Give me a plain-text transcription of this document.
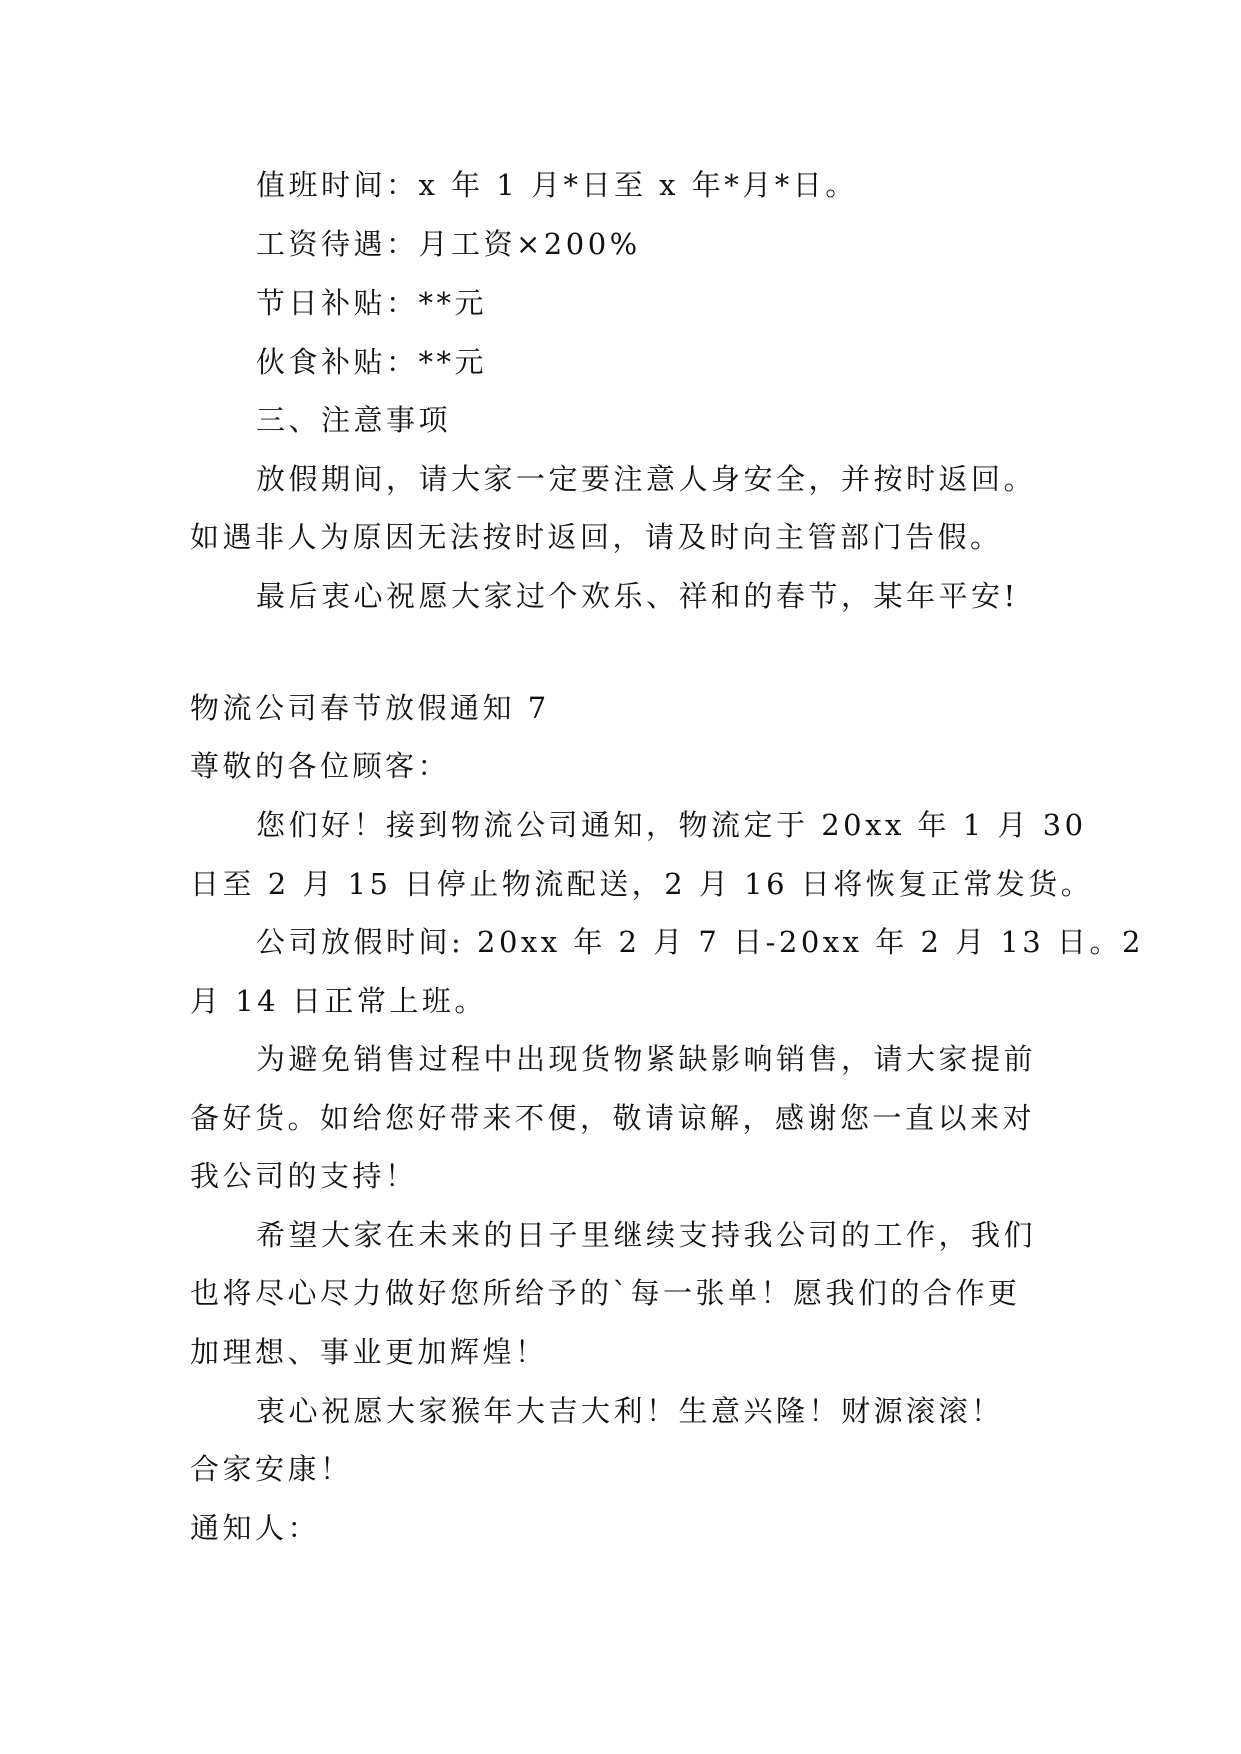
值班时间：x 年 1 月*日至 x 年*月*日。

工资待遇：月工资×200%

节日补贴：**元

伙食补贴：**元

三、注意事项

放假期间，请大家一定要注意人身安全，并按时返回。

如遇非人为原因无法按时返回，请及时向主管部门告假。

最后衷心祝愿大家过个欢乐、祥和的春节，某年平安!

物流公司春节放假通知 7

尊敬的各位顾客：

您们好！接到物流公司通知，物流定于 20xx 年 1 月 30

日至 2 月 15 日停止物流配送，2 月 16 日将恢复正常发货。

公司放假时间: 20xx 年 2 月 7 日-20xx 年 2 月 13 日。2

月 14 日正常上班。

为避免销售过程中出现货物紧缺影响销售，请大家提前

备好货。如给您好带来不便，敬请谅解，感谢您一直以来对

我公司的支持！

希望大家在未来的日子里继续支持我公司的工作，我们

也将尽心尽力做好您所给予的`每一张单！愿我们的合作更

加理想、事业更加辉煌！

衷心祝愿大家猴年大吉大利！生意兴隆！财源滚滚！

合家安康！

通知人：
